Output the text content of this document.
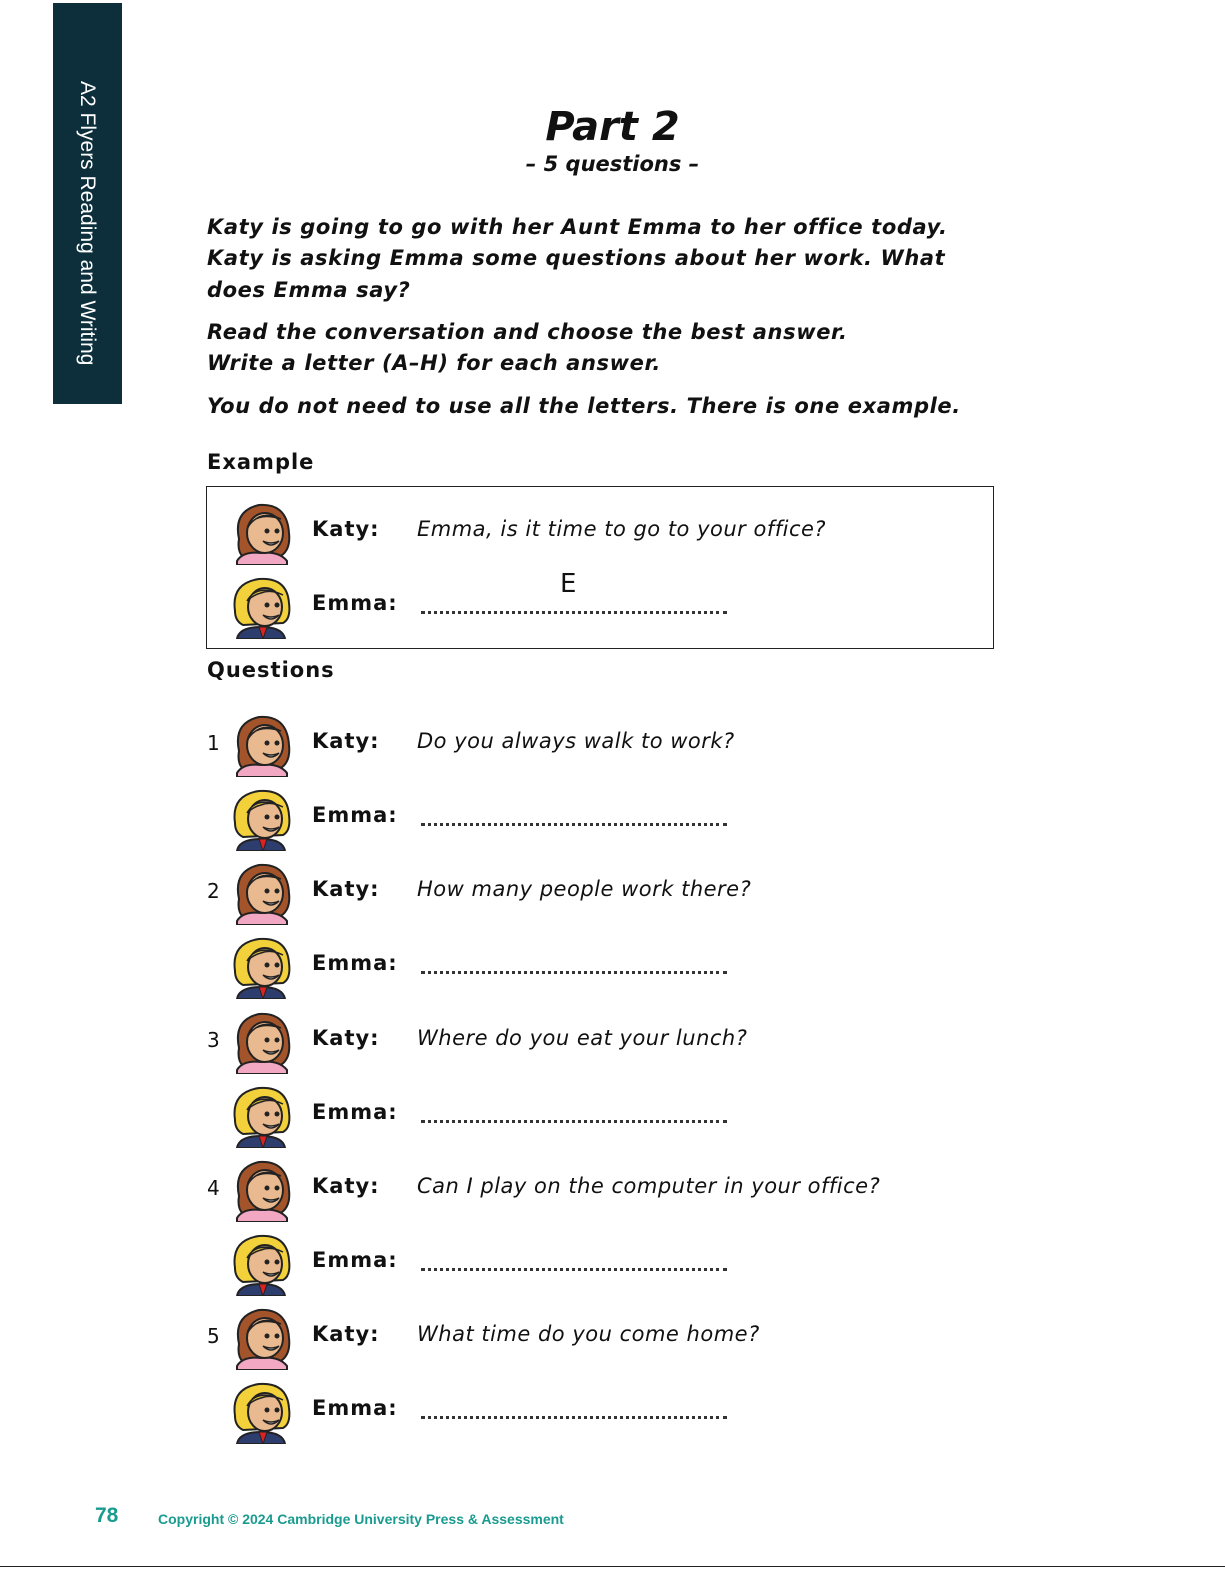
A2 Flyers Reading and Writing	Part 2
– 5 questions –
Katy is going to go with her Aunt Emma to her office today.
Katy is asking Emma some questions about her work. What does Emma say?
Read the conversation and choose the best answer.
Write a letter (A–H) for each answer.
You do not need to use all the letters. There is one example.
Example
Katy: Emma, is it time to go to your office?
Emma:
E
Questions
1	Katy: Do you always walk to work?
Emma:
2	Katy: How many people work there?
Emma:
3	Katy: Where do you eat your lunch?
Emma:
4	Katy: Can I play on the computer in your office?
Emma:
5	Katy: What time do you come home?
Emma:
78	Copyright © 2024 Cambridge University Press & Assessment
